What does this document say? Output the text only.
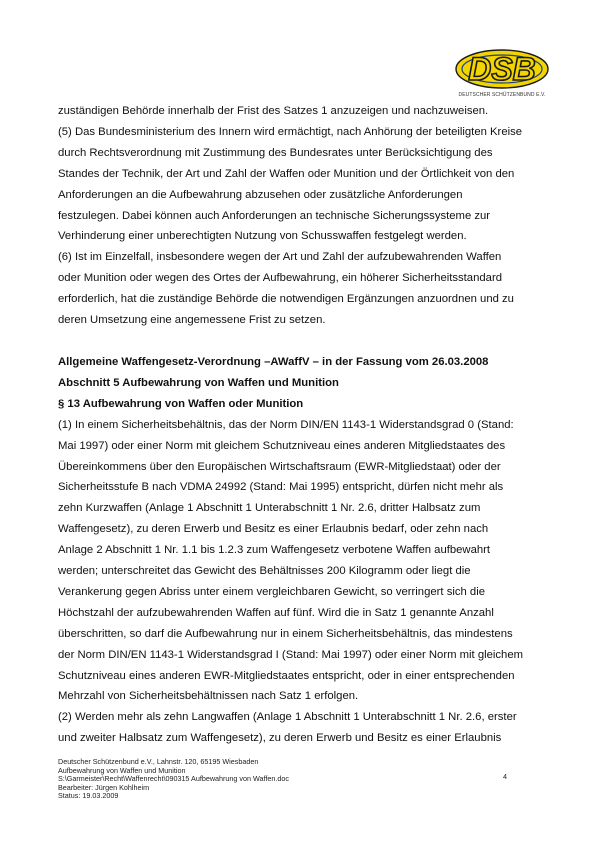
DSB
DEUTSCHER SCHÜTZENBUND E.V.

zuständigen Behörde innerhalb der Frist des Satzes 1 anzuzeigen und nachzuweisen.

(5) Das Bundesministerium des Innern wird ermächtigt, nach Anhörung der beteiligten Kreise

durch Rechtsverordnung mit Zustimmung des Bundesrates unter Berücksichtigung des

Standes der Technik, der Art und Zahl der Waffen oder Munition und der Örtlichkeit von den

Anforderungen an die Aufbewahrung abzusehen oder zusätzliche Anforderungen

festzulegen. Dabei können auch Anforderungen an technische Sicherungssysteme zur

Verhinderung einer unberechtigten Nutzung von Schusswaffen festgelegt werden.

(6) Ist im Einzelfall, insbesondere wegen der Art und Zahl der aufzubewahrenden Waffen

oder Munition oder wegen des Ortes der Aufbewahrung, ein höherer Sicherheitsstandard

erforderlich, hat die zuständige Behörde die notwendigen Ergänzungen anzuordnen und zu

deren Umsetzung eine angemessene Frist zu setzen.

Allgemeine Waffengesetz-Verordnung –AWaffV – in der Fassung vom 26.03.2008

Abschnitt 5 Aufbewahrung von Waffen und Munition

§ 13 Aufbewahrung von Waffen oder Munition

(1) In einem Sicherheitsbehältnis, das der Norm DIN/EN 1143-1 Widerstandsgrad 0 (Stand:

Mai 1997) oder einer Norm mit gleichem Schutzniveau eines anderen Mitgliedstaates des

Übereinkommens über den Europäischen Wirtschaftsraum (EWR-Mitgliedstaat) oder der

Sicherheitsstufe B nach VDMA 24992 (Stand: Mai 1995) entspricht, dürfen nicht mehr als

zehn Kurzwaffen (Anlage 1 Abschnitt 1 Unterabschnitt 1 Nr. 2.6, dritter Halbsatz zum

Waffengesetz), zu deren Erwerb und Besitz es einer Erlaubnis bedarf, oder zehn nach

Anlage 2 Abschnitt 1 Nr. 1.1 bis 1.2.3 zum Waffengesetz verbotene Waffen aufbewahrt

werden; unterschreitet das Gewicht des Behältnisses 200 Kilogramm oder liegt die

Verankerung gegen Abriss unter einem vergleichbaren Gewicht, so verringert sich die

Höchstzahl der aufzubewahrenden Waffen auf fünf. Wird die in Satz 1 genannte Anzahl

überschritten, so darf die Aufbewahrung nur in einem Sicherheitsbehältnis, das mindestens

der Norm DIN/EN 1143-1 Widerstandsgrad I (Stand: Mai 1997) oder einer Norm mit gleichem

Schutzniveau eines anderen EWR-Mitgliedstaates entspricht, oder in einer entsprechenden

Mehrzahl von Sicherheitsbehältnissen nach Satz 1 erfolgen.

(2) Werden mehr als zehn Langwaffen (Anlage 1 Abschnitt 1 Unterabschnitt 1 Nr. 2.6, erster

und zweiter Halbsatz zum Waffengesetz), zu deren Erwerb und Besitz es einer Erlaubnis

Deutscher Schützenbund e.V., Lahnstr. 120, 65195 Wiesbaden
Aufbewahrung von Waffen und Munition
S:\Garmeister\Recht\Waffenrecht\090315 Aufbewahrung von Waffen.doc
Bearbeiter: Jürgen Kohlheim
Status: 19.03.2009
4
